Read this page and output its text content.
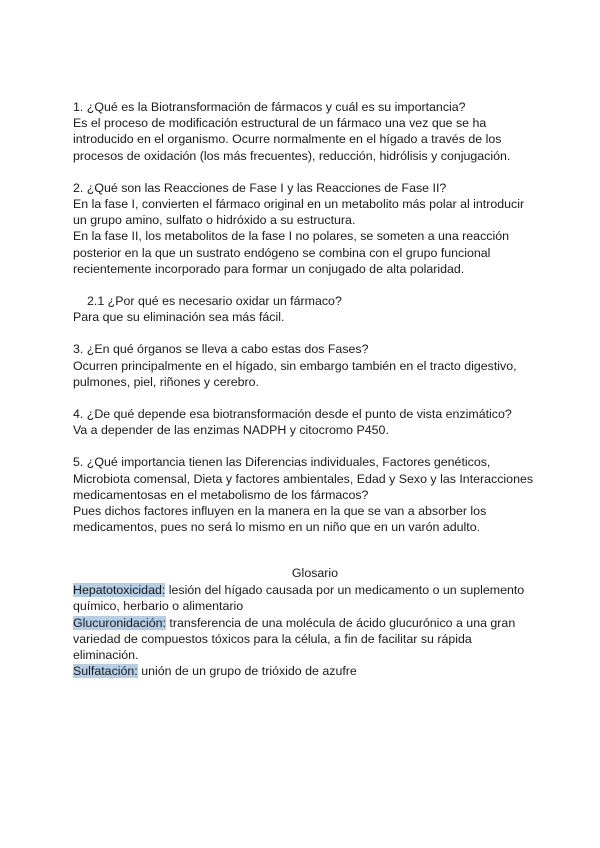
1. ¿Qué es la Biotransformación de fármacos y cuál es su importancia?
Es el proceso de modificación estructural de un fármaco una vez que se ha
introducido en el organismo. Ocurre normalmente en el hígado a través de los
procesos de oxidación (los más frecuentes), reducción, hidrólisis y conjugación.
2. ¿Qué son las Reacciones de Fase I y las Reacciones de Fase II?
En la fase I, convierten el fármaco original en un metabolito más polar al introducir
un grupo amino, sulfato o hidróxido a su estructura.
En la fase II, los metabolitos de la fase I no polares, se someten a una reacción
posterior en la que un sustrato endógeno se combina con el grupo funcional
recientemente incorporado para formar un conjugado de alta polaridad.
2.1 ¿Por qué es necesario oxidar un fármaco?
Para que su eliminación sea más fácil.
3. ¿En qué órganos se lleva a cabo estas dos Fases?
Ocurren principalmente en el hígado, sin embargo también en el tracto digestivo,
pulmones, piel, riñones y cerebro.
4. ¿De qué depende esa biotransformación desde el punto de vista enzimático?
Va a depender de las enzimas NADPH y citocromo P450.
5. ¿Qué importancia tienen las Diferencias individuales, Factores genéticos,
Microbiota comensal, Dieta y factores ambientales, Edad y Sexo y las Interacciones
medicamentosas en el metabolismo de los fármacos?
Pues dichos factores influyen en la manera en la que se van a absorber los
medicamentos, pues no será lo mismo en un niño que en un varón adulto.
Glosario
Hepatotoxicidad: lesión del hígado causada por un medicamento o un suplemento
químico, herbario o alimentario
Glucuronidación: transferencia de una molécula de ácido glucurónico a una gran
variedad de compuestos tóxicos para la célula, a fin de facilitar su rápida
eliminación.
Sulfatación: unión de un grupo de trióxido de azufre
